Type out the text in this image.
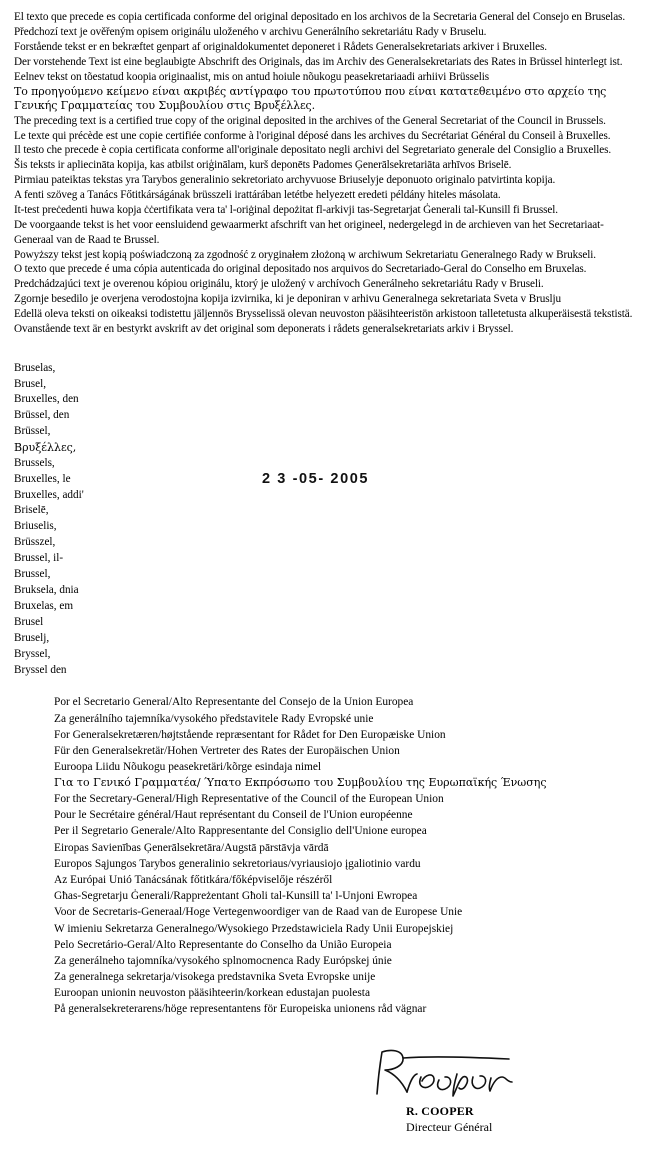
El texto que precede es copia certificada conforme del original depositado en los archivos de la Secretaria General del Consejo en Bruselas.
Předchozí text je ověřeným opisem originálu uloženého v archivu Generálního sekretariátu Rady v Bruselu.
Forstående tekst er en bekræftet genpart af originaldokumentet deponeret i Rådets Generalsekretariats arkiver i Bruxelles.
Der vorstehende Text ist eine beglaubigte Abschrift des Originals, das im Archiv des Generalsekretariats des Rates in Brüssel hinterlegt ist.
Eelnev tekst on tõestatud koopia originaalist, mis on antud hoiule nõukogu peasekretariaadi arhiivi Brüsselis
Το προηγούμενο κείμενο είναι ακριβές αντίγραφο του πρωτοτύπου που είναι κατατεθειμένο στο αρχείο της Γενικής Γραμματείας του Συμβουλίου στις Βρυξέλλες.
The preceding text is a certified true copy of the original deposited in the archives of the General Secretariat of the Council in Brussels.
Le texte qui précède est une copie certifiée conforme à l'original déposé dans les archives du Secrétariat Général du Conseil à Bruxelles.
Il testo che precede è copia certificata conforme all'originale depositato negli archivi del Segretariato generale del Consiglio a Bruxelles.
Šis teksts ir apliecināta kopija, kas atbilst oriģinālam, kurš deponēts Padomes Ģenerālsekretariāta arhīvos Briselē.
Pirmiau pateiktas tekstas yra Tarybos generalinio sekretoriato archyvuose Briuselyje deponuoto originalo patvirtinta kopija.
A fenti szöveg a Tanács Főtitkárságának brüsszeli irattárában letétbe helyezett eredeti példány hiteles másolata.
It-test preċedenti huwa kopja ċċertifikata vera ta' l-oriġinal depożitat fl-arkivji tas-Segretarjat Ġenerali tal-Kunsill fi Brussel.
De voorgaande tekst is het voor eensluidend gewaarmerkt afschrift van het origineel, nedergelegd in de archieven van het Secretariaat-Generaal van de Raad te Brussel.
Powyższy tekst jest kopią poświadczoną za zgodność z oryginałem złożoną w archiwum Sekretariatu Generalnego Rady w Brukseli.
O texto que precede é uma cópia autenticada do original depositado nos arquivos do Secretariado-Geral do Conselho em Bruxelas.
Predchádzajúci text je overenou kópiou originálu, ktorý je uložený v archívoch Generálneho sekretariátu Rady v Bruseli.
Zgornje besedilo je overjena verodostojna kopija izvirnika, ki je deponiran v arhivu Generalnega sekretariata Sveta v Bruslju
Edellä oleva teksti on oikeaksi todistettu jäljennös Brysselissä olevan neuvoston pääsihteeristön arkistoon talletetusta alkuperäisestä tekstistä.
Ovanstående text är en bestyrkt avskrift av det original som deponerats i rådets generalsekretariats arkiv i Bryssel.
Bruselas,
Brusel,
Bruxelles, den
Brüssel, den
Brüssel,
Βρυξέλλες,
Brussels,
Bruxelles, le
Bruxelles, addi'
Briselē,
Briuselis,
Brüsszel,
Brussel, il-
Brussel,
Bruksela, dnia
Bruxelas, em
Brusel
Bruselj,
Bryssel,
Bryssel den
2 3 -05- 2005
Por el Secretario General/Alto Representante del Consejo de la Union Europea
Za generálního tajemníka/vysokého představitele Rady Evropské unie
For Generalsekretæren/højtstående repræsentant for Rådet for Den Europæiske Union
Für den Generalsekretär/Hohen Vertreter des Rates der Europäischen Union
Euroopa Liidu Nõukogu peasekretäri/kõrge esindaja nimel
Για το Γενικό Γραμματέα/ Ύπατο Εκπρόσωπο του Συμβουλίου της Ευρωπαϊκής Ένωσης
For the Secretary-General/High Representative of the Council of the European Union
Pour le Secrétaire général/Haut représentant du Conseil de l'Union européenne
Per il Segretario Generale/Alto Rappresentante del Consiglio dell'Unione europea
Eiropas Savienības Ģenerālsekretāra/Augstā pārstāvja vārdā
Europos Sąjungos Tarybos generalinio sekretoriaus/vyriausiojo įgaliotinio vardu
Az Európai Unió Tanácsának főtitkára/főképviselője részéről
Għas-Segretarju Ġenerali/Rappreżentant Għoli tal-Kunsill ta' l-Unjoni Ewropea
Voor de Secretaris-Generaal/Hoge Vertegenwoordiger van de Raad van de Europese Unie
W imieniu Sekretarza Generalnego/Wysokiego Przedstawiciela Rady Unii Europejskiej
Pelo Secretário-Geral/Alto Representante do Conselho da União Europeia
Za generálneho tajomníka/vysokého splnomocnenca Rady Európskej únie
Za generalnega sekretarja/visokega predstavnika Sveta Evropske unije
Euroopan unionin neuvoston pääsihteerin/korkean edustajan puolesta
På generalsekreterarens/höge representantens för Europeiska unionens råd vägnar
R. COOPER
Directeur Général
